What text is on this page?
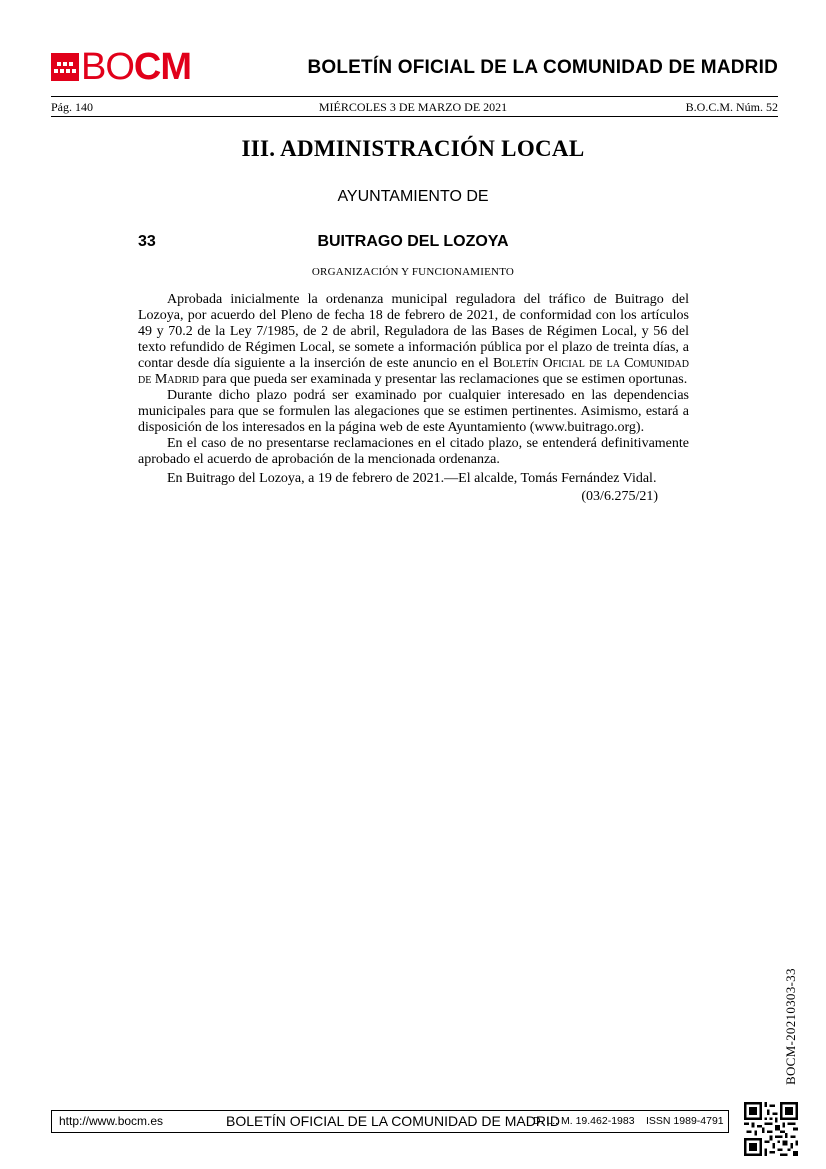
BOCM	BOLETÍN OFICIAL DE LA COMUNIDAD DE MADRID
Pág. 140	MIÉRCOLES 3 DE MARZO DE 2021	B.O.C.M. Núm. 52
III. ADMINISTRACIÓN LOCAL
AYUNTAMIENTO DE
33	BUITRAGO DEL LOZOYA
ORGANIZACIÓN Y FUNCIONAMIENTO

Aprobada inicialmente la ordenanza municipal reguladora del tráfico de Buitrago del Lozoya, por acuerdo del Pleno de fecha 18 de febrero de 2021, de conformidad con los artículos 49 y 70.2 de la Ley 7/1985, de 2 de abril, Reguladora de las Bases de Régimen Local, y 56 del texto refundido de Régimen Local, se somete a información pública por el plazo de treinta días, a contar desde día siguiente a la inserción de este anuncio en el Boletín Oficial de la Comunidad de Madrid para que pueda ser examinada y presentar las reclamaciones que se estimen oportunas.

Durante dicho plazo podrá ser examinado por cualquier interesado en las dependencias municipales para que se formulen las alegaciones que se estimen pertinentes. Asimismo, estará a disposición de los interesados en la página web de este Ayuntamiento (www.buitrago.org).

En el caso de no presentarse reclamaciones en el citado plazo, se entenderá definitivamente aprobado el acuerdo de aprobación de la mencionada ordenanza.

En Buitrago del Lozoya, a 19 de febrero de 2021.—El alcalde, Tomás Fernández Vidal.

(03/6.275/21)
BOCM-20210303-33
http://www.bocm.es	BOLETÍN OFICIAL DE LA COMUNIDAD DE MADRID
D. L.: M. 19.462-1983 ISSN 1989-4791
